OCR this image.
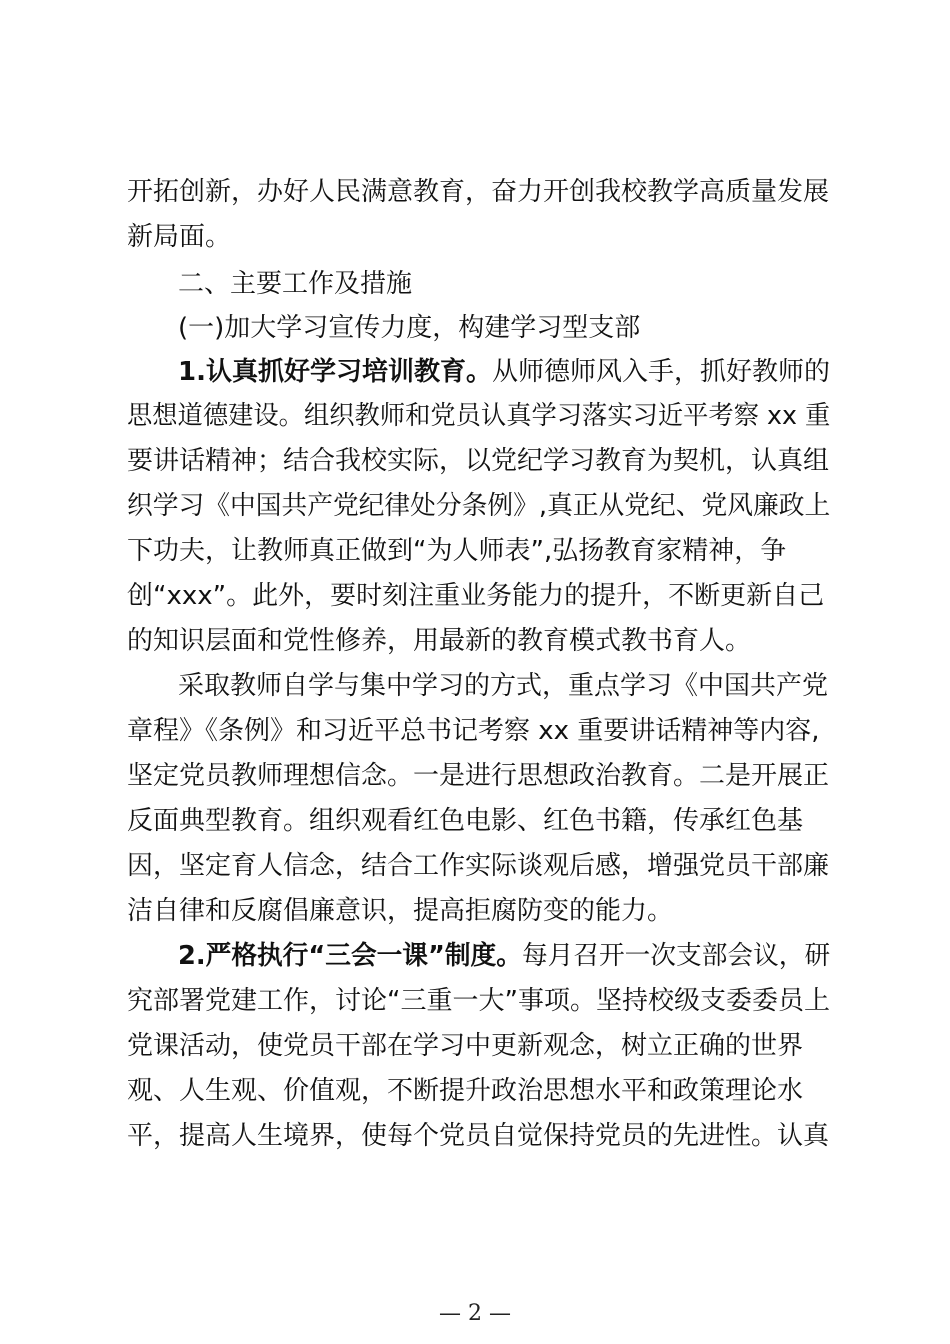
开拓创新，办好人民满意教育，奋力开创我校教学高质量发展
新局面。
二、主要工作及措施
(一)加大学习宣传力度，构建学习型支部
1.认真抓好学习培训教育。从师德师风入手，抓好教师的
思想道德建设。组织教师和党员认真学习落实习近平考察 xx 重
要讲话精神；结合我校实际，以党纪学习教育为契机，认真组
织学习《中国共产党纪律处分条例》,真正从党纪、党风廉政上
下功夫，让教师真正做到“为人师表”,弘扬教育家精神，争
创“xxx”。此外，要时刻注重业务能力的提升，不断更新自己
的知识层面和党性修养，用最新的教育模式教书育人。
采取教师自学与集中学习的方式，重点学习《中国共产党
章程》《条例》和习近平总书记考察 xx 重要讲话精神等内容,
坚定党员教师理想信念。一是进行思想政治教育。二是开展正
反面典型教育。组织观看红色电影、红色书籍，传承红色基
因，坚定育人信念，结合工作实际谈观后感，增强党员干部廉
洁自律和反腐倡廉意识，提高拒腐防变的能力。
2.严格执行“三会一课”制度。每月召开一次支部会议，研
究部署党建工作，讨论“三重一大”事项。坚持校级支委委员上
党课活动，使党员干部在学习中更新观念，树立正确的世界
观、人生观、价值观，不断提升政治思想水平和政策理论水
平，提高人生境界，使每个党员自觉保持党员的先进性。认真
— 2 —
